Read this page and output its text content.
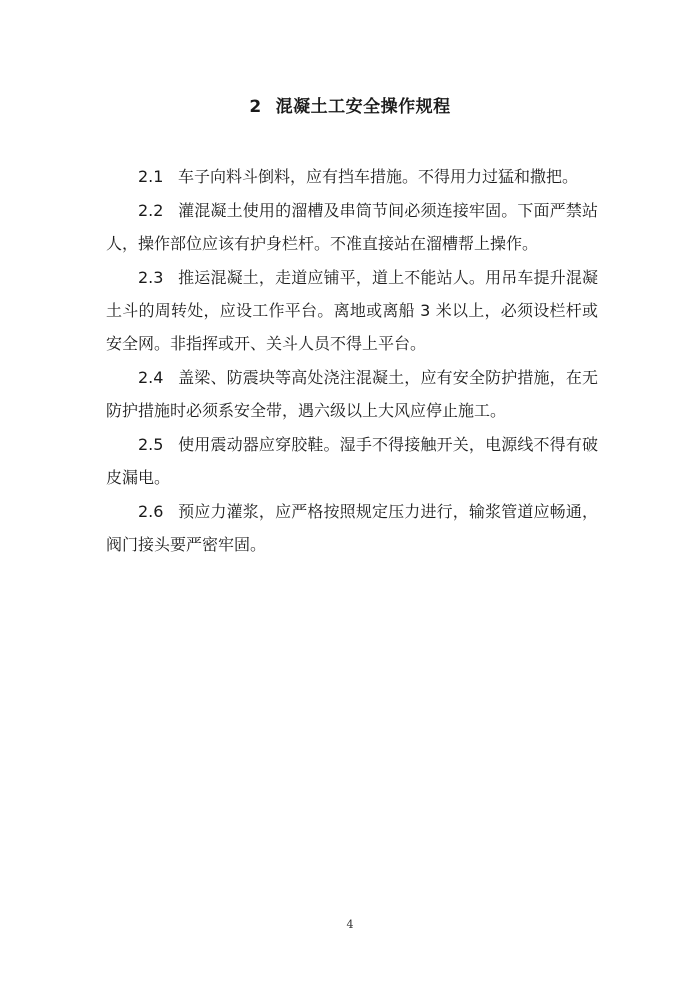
2 混凝土工安全操作规程

2.1 车子向料斗倒料，应有挡车措施。不得用力过猛和撒把。

2.2 灌混凝土使用的溜槽及串筒节间必须连接牢固。下面严禁站人，操作部位应该有护身栏杆。不准直接站在溜槽帮上操作。

2.3 推运混凝土，走道应铺平，道上不能站人。用吊车提升混凝土斗的周转处，应设工作平台。离地或离船 3 米以上，必须设栏杆或安全网。非指挥或开、关斗人员不得上平台。

2.4 盖梁、防震块等高处浇注混凝土，应有安全防护措施，在无防护措施时必须系安全带，遇六级以上大风应停止施工。

2.5 使用震动器应穿胶鞋。湿手不得接触开关，电源线不得有破皮漏电。

2.6 预应力灌浆，应严格按照规定压力进行，输浆管道应畅通，阀门接头要严密牢固。

4
